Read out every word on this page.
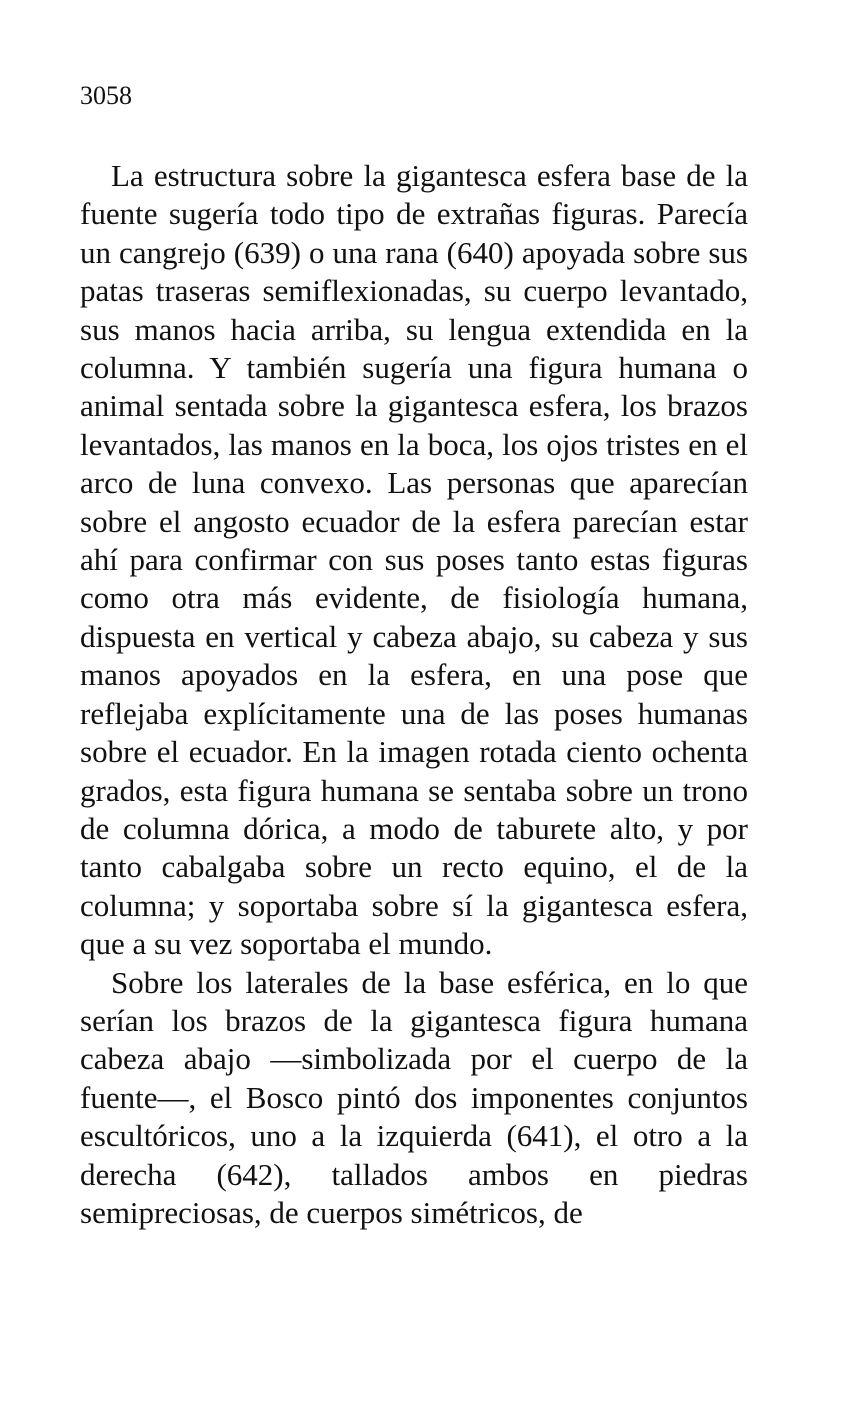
3058

La estructura sobre la gigantesca esfera base de la fuente sugería todo tipo de extrañas figuras. Parecía un cangrejo (639) o una rana (640) apoyada sobre sus patas traseras semiflexionadas, su cuerpo levantado, sus manos hacia arriba, su lengua extendida en la columna. Y también sugería una figura humana o animal sentada sobre la gigantesca esfera, los brazos levantados, las manos en la boca, los ojos tristes en el arco de luna convexo. Las personas que aparecían sobre el angosto ecuador de la esfera parecían estar ahí para confirmar con sus poses tanto estas figuras como otra más evidente, de fisiología humana, dispuesta en vertical y cabeza abajo, su cabeza y sus manos apoyados en la esfera, en una pose que reflejaba explícitamente una de las poses humanas sobre el ecuador. En la imagen rotada ciento ochenta grados, esta figura humana se sentaba sobre un trono de columna dórica, a modo de taburete alto, y por tanto cabalgaba sobre un recto equino, el de la columna; y soportaba sobre sí la gigantesca esfera, que a su vez soportaba el mundo.

Sobre los laterales de la base esférica, en lo que serían los brazos de la gigantesca figura humana cabeza abajo —simbolizada por el cuerpo de la fuente—, el Bosco pintó dos imponentes conjuntos escultóricos, uno a la izquierda (641), el otro a la derecha (642), tallados ambos en piedras semipreciosas, de cuerpos simétricos, de
